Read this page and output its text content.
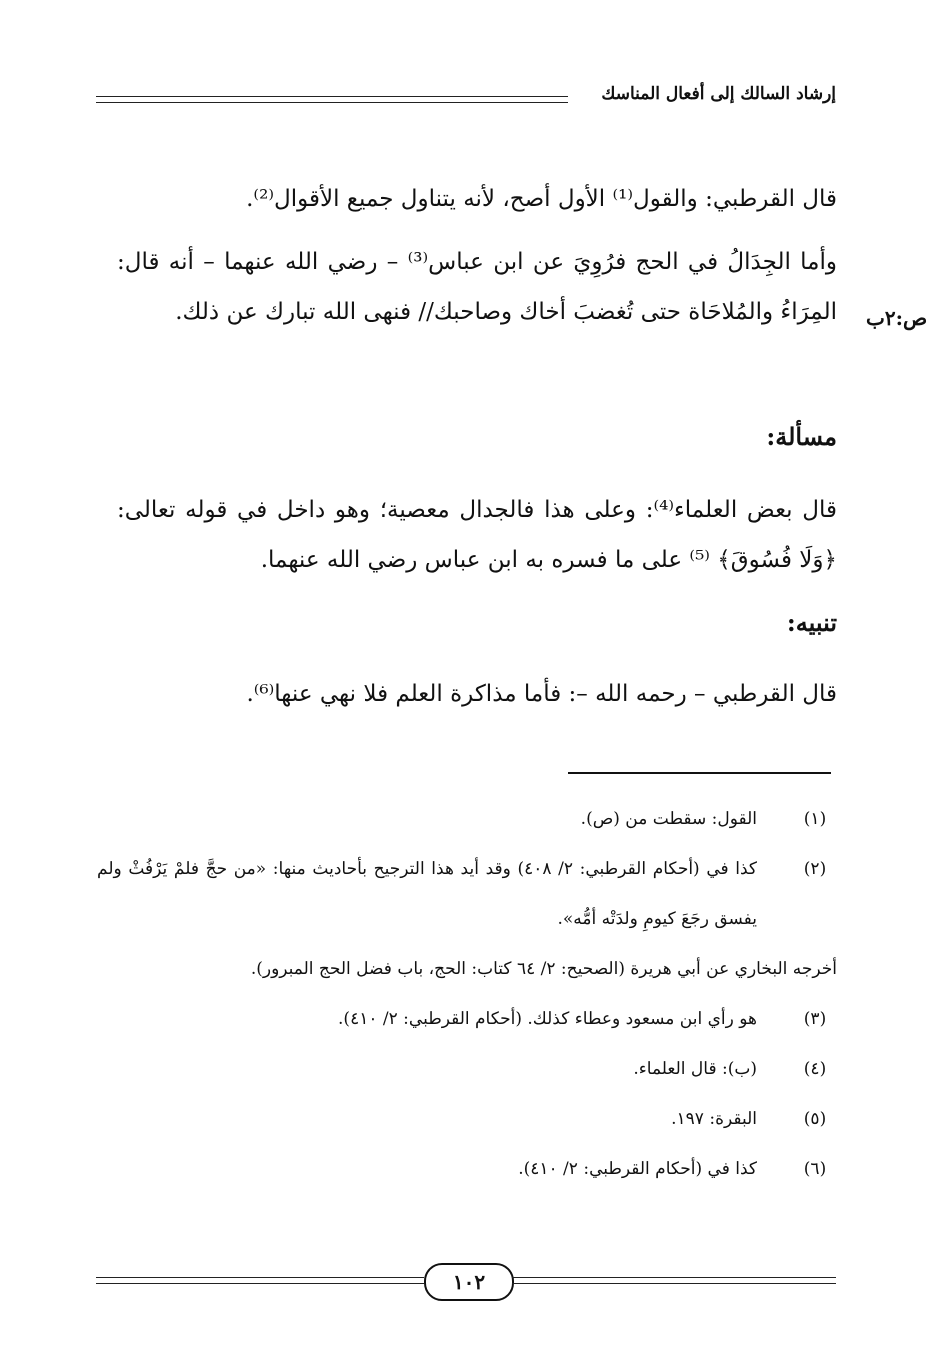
إرشاد السالك إلى أفعال المناسك
ص:٢ب

قال القرطبي: والقول⁽¹⁾ الأول أصح، لأنه يتناول جميع الأقوال⁽²⁾.

وأما الجِدَالُ في الحج فرُوِيَ عن ابن عباس⁽³⁾ – رضي الله عنهما – أنه قال: المِرَاءُ والمُلاحَاة حتى تُغضبَ أخاك وصاحبك// فنهى الله تبارك عن ذلك.

مسألة:

قال بعض العلماء⁽⁴⁾: وعلى هذا فالجدال معصية؛ وهو داخل في قوله تعالى: ﴿وَلَا فُسُوقَ﴾ ⁽⁵⁾ على ما فسره به ابن عباس رضي الله عنهما.

تنبيه:

قال القرطبي – رحمه الله –: فأما مذاكرة العلم فلا نهي عنها⁽⁶⁾.

(١)
القول: سقطت من (ص).
(٢)
كذا في (أحكام القرطبي: ٢/ ٤٠٨) وقد أيد هذا الترجيح بأحاديث منها: «من حجَّ فلمْ يَرْفُثْ ولم يفسق رجَعَ كيومِ ولدَتْه أمُّه».
أخرجه البخاري عن أبي هريرة (الصحيح: ٢/ ٦٤ كتاب: الحج، باب فضل الحج المبرور).
(٣)
هو رأي ابن مسعود وعطاء كذلك. (أحكام القرطبي: ٢/ ٤١٠).
(٤)
(ب): قال العلماء.
(٥)
البقرة: ١٩٧.
(٦)
كذا في (أحكام القرطبي: ٢/ ٤١٠).
١٠٢
